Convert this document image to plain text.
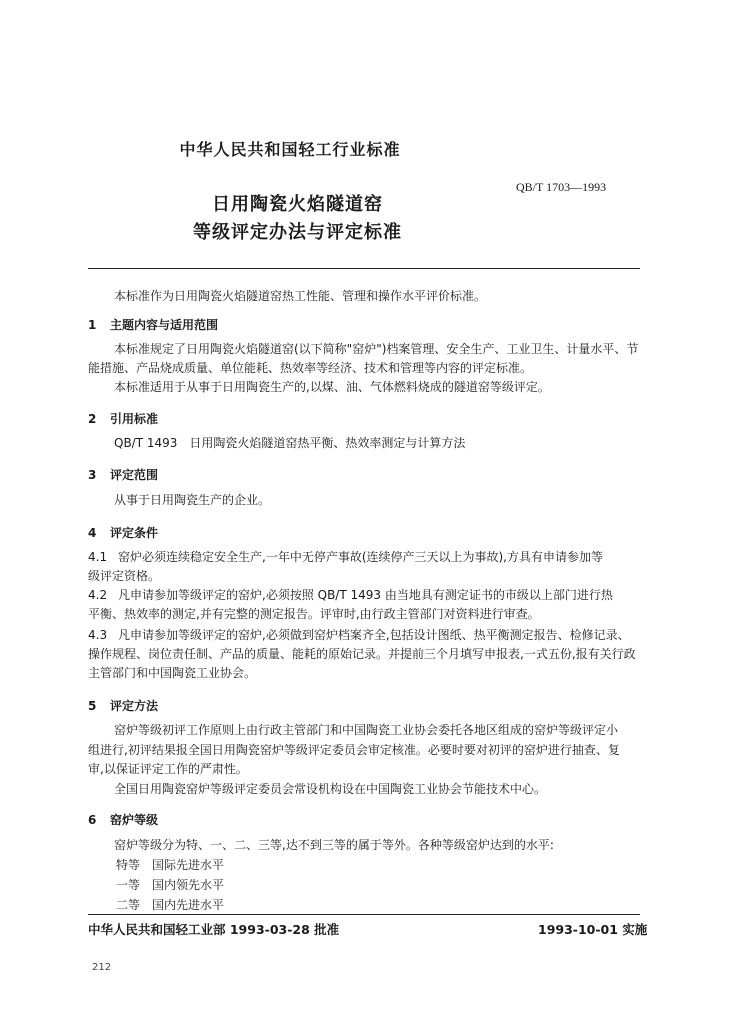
中华人民共和国轻工行业标准
QB/T 1703—1993
日用陶瓷火焰隧道窑
等级评定办法与评定标准
本标准作为日用陶瓷火焰隧道窑热工性能、管理和操作水平评价标准。
1 主题内容与适用范围
本标准规定了日用陶瓷火焰隧道窑(以下简称"窑炉")档案管理、安全生产、工业卫生、计量水平、节
能措施、产品烧成质量、单位能耗、热效率等经济、技术和管理等内容的评定标准。
本标准适用于从事于日用陶瓷生产的,以煤、油、气体燃料烧成的隧道窑等级评定。
2 引用标准
QB/T 1493　日用陶瓷火焰隧道窑热平衡、热效率测定与计算方法
3 评定范围
从事于日用陶瓷生产的企业。
4 评定条件
4.1 窑炉必须连续稳定安全生产,一年中无停产事故(连续停产三天以上为事故),方具有申请参加等
级评定资格。
4.2 凡申请参加等级评定的窑炉,必须按照 QB/T 1493 由当地具有测定证书的市级以上部门进行热
平衡、热效率的测定,并有完整的测定报告。评审时,由行政主管部门对资料进行审查。
4.3 凡申请参加等级评定的窑炉,必须做到窑炉档案齐全,包括设计图纸、热平衡测定报告、检修记录、
操作规程、岗位责任制、产品的质量、能耗的原始记录。并提前三个月填写申报表,一式五份,报有关行政
主管部门和中国陶瓷工业协会。
5 评定方法
窑炉等级初评工作原则上由行政主管部门和中国陶瓷工业协会委托各地区组成的窑炉等级评定小
组进行,初评结果报全国日用陶瓷窑炉等级评定委员会审定核准。必要时要对初评的窑炉进行抽查、复
审,以保证评定工作的严肃性。
全国日用陶瓷窑炉等级评定委员会常设机构设在中国陶瓷工业协会节能技术中心。
6 窑炉等级
窑炉等级分为特、一、二、三等,达不到三等的属于等外。各种等级窑炉达到的水平:
特等 国际先进水平
一等 国内领先水平
二等 国内先进水平
中华人民共和国轻工业部 1993-03-28 批准	1993-10-01 实施
212
